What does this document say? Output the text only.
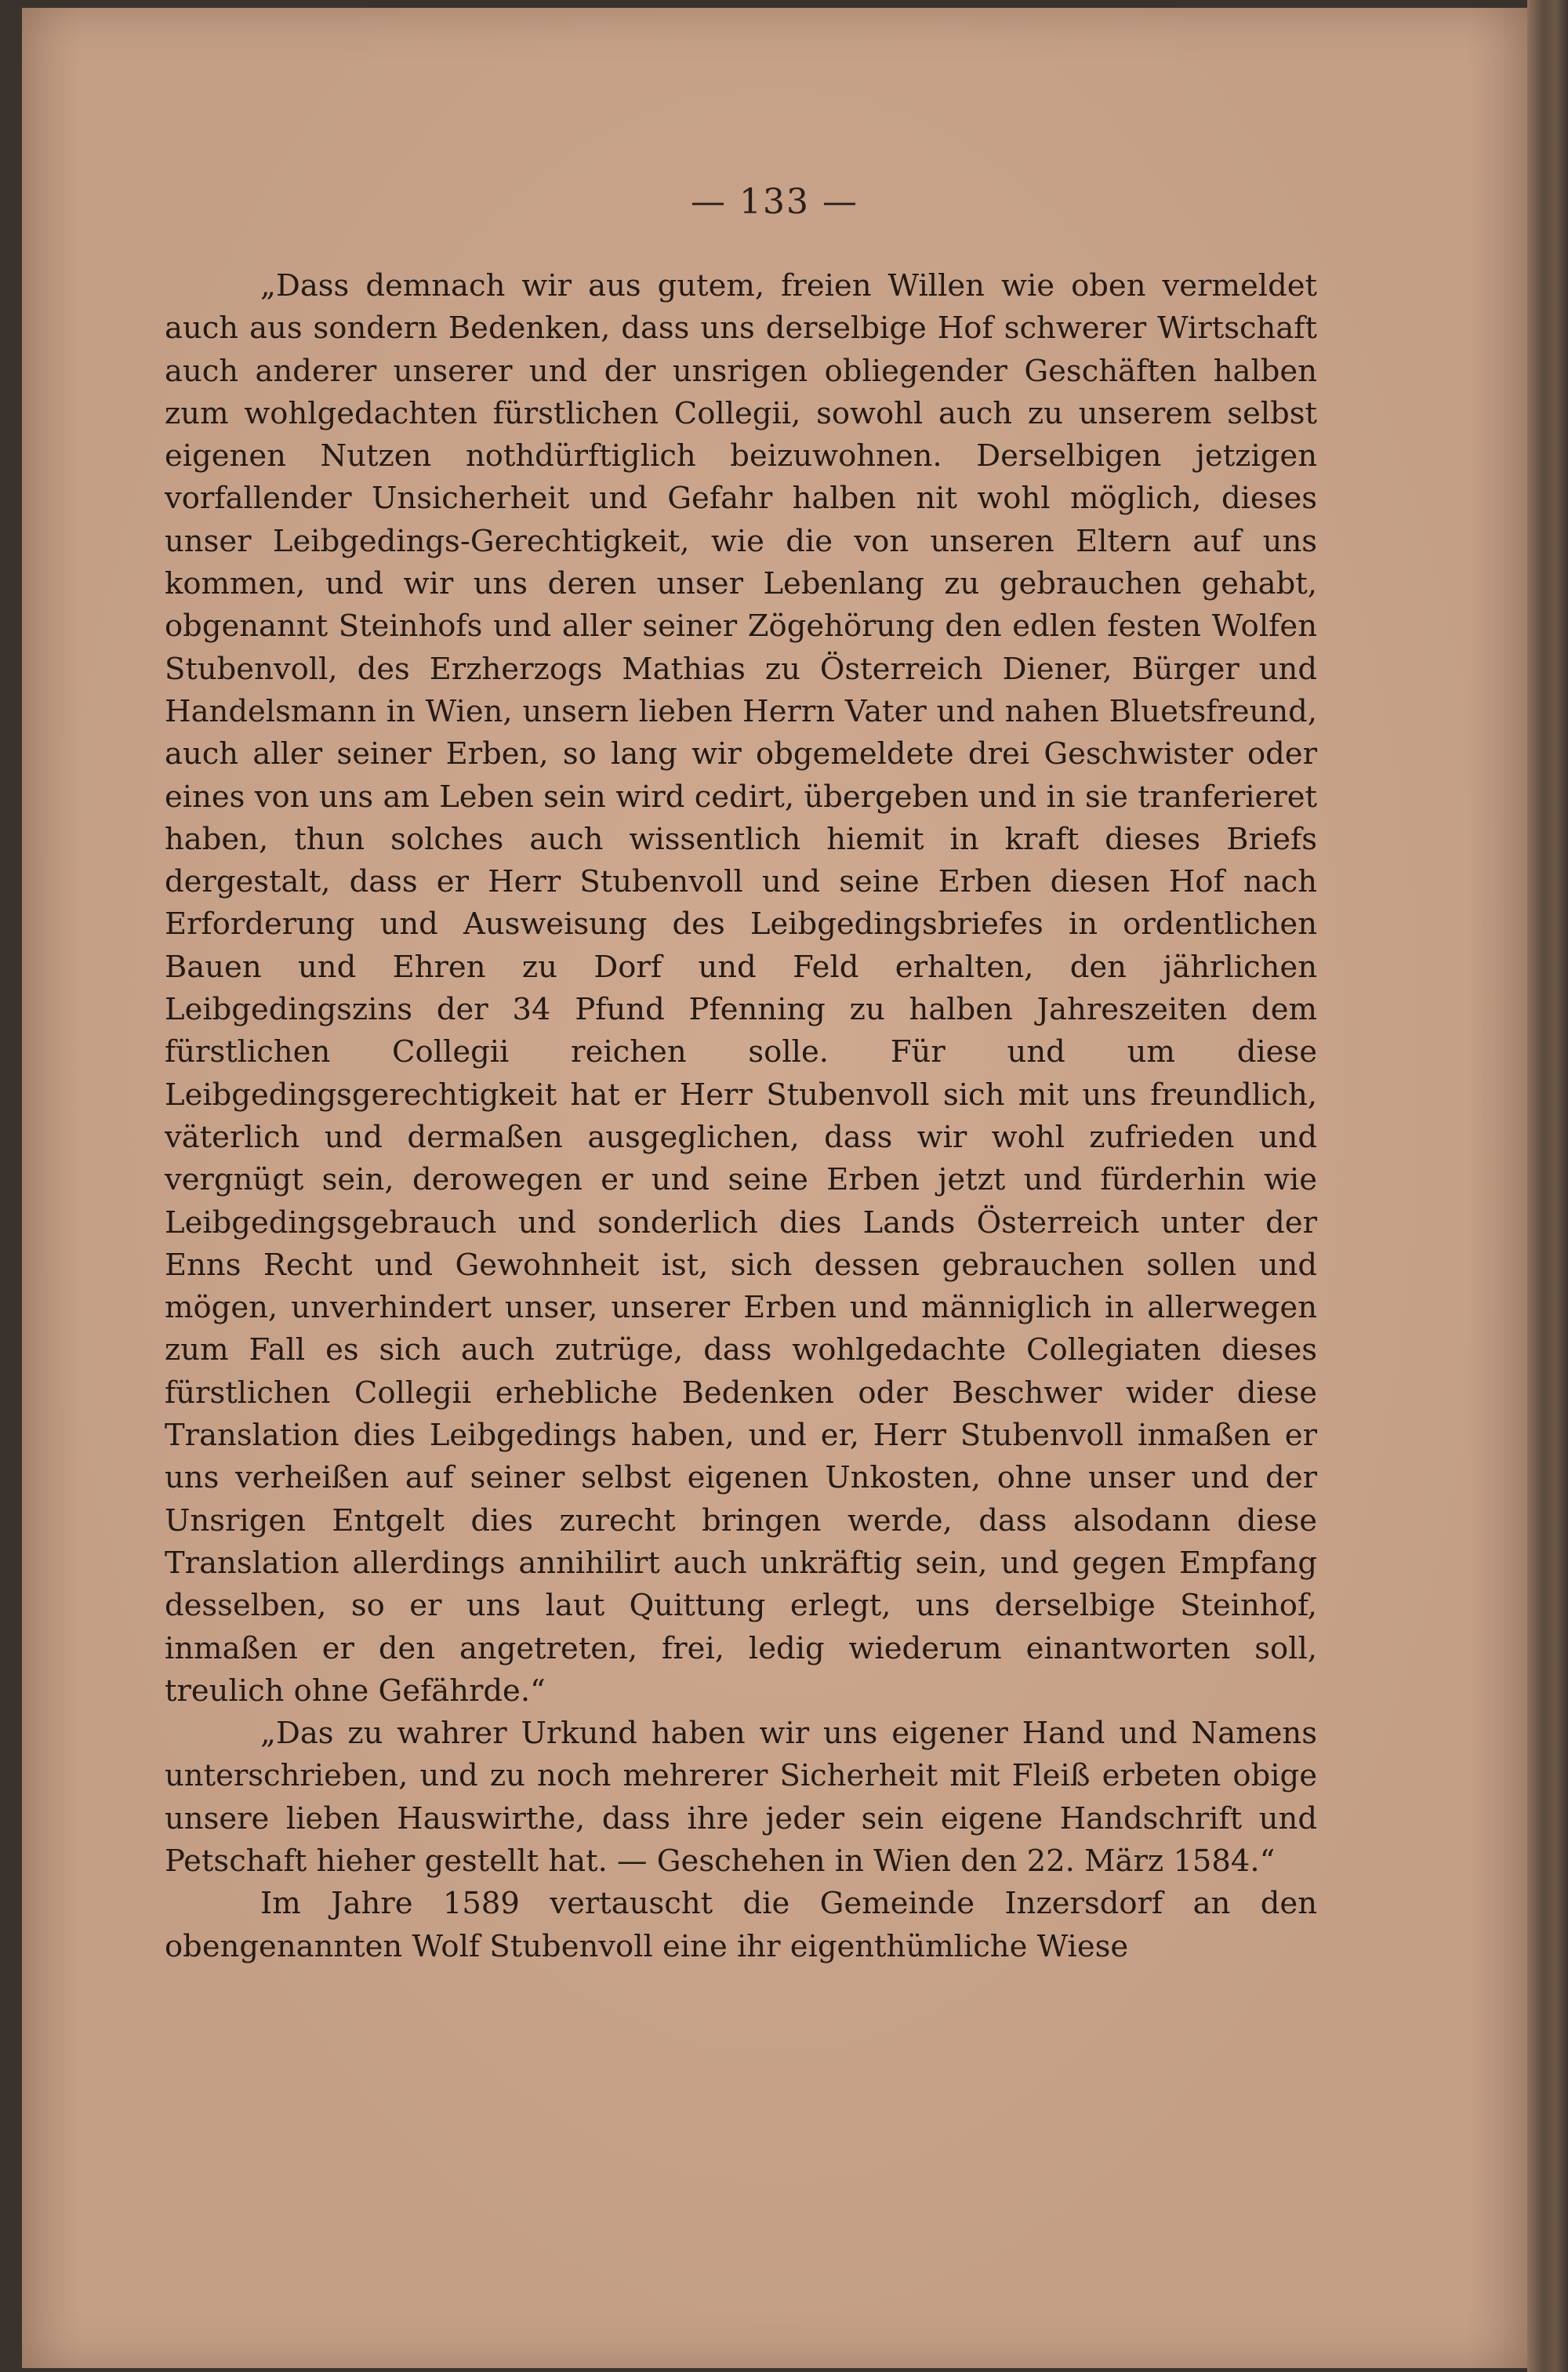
— 133 —

„Dass demnach wir aus gutem, freien Willen wie oben vermeldet auch aus sondern Bedenken, dass uns derselbige Hof schwerer Wirtschaft auch anderer unserer und der unsrigen obliegender Geschäften halben zum wohlgedachten fürstlichen Collegii, sowohl auch zu unserem selbst eigenen Nutzen nothdürftiglich beizuwohnen. Derselbigen jetzigen vorfallender Unsicherheit und Gefahr halben nit wohl möglich, dieses unser Leibgedings-Gerechtigkeit, wie die von unseren Eltern auf uns kommen, und wir uns deren unser Lebenlang zu gebrauchen gehabt, obgenannt Steinhofs und aller seiner Zögehörung den edlen festen Wolfen Stubenvoll, des Erzherzogs Mathias zu Österreich Diener, Bürger und Handelsmann in Wien, unsern lieben Herrn Vater und nahen Bluetsfreund, auch aller seiner Erben, so lang wir obgemeldete drei Geschwister oder eines von uns am Leben sein wird cedirt, übergeben und in sie tranferieret haben, thun solches auch wissentlich hiemit in kraft dieses Briefs dergestalt, dass er Herr Stubenvoll und seine Erben diesen Hof nach Erforderung und Ausweisung des Leibgedingsbriefes in ordentlichen Bauen und Ehren zu Dorf und Feld erhalten, den jährlichen Leibgedingszins der 34 Pfund Pfenning zu halben Jahreszeiten dem fürstlichen Collegii reichen solle. Für und um diese Leibgedingsgerechtigkeit hat er Herr Stubenvoll sich mit uns freundlich, väterlich und dermaßen ausgeglichen, dass wir wohl zufrieden und vergnügt sein, derowegen er und seine Erben jetzt und fürderhin wie Leibgedingsgebrauch und sonderlich dies Lands Österreich unter der Enns Recht und Gewohnheit ist, sich dessen gebrauchen sollen und mögen, unverhindert unser, unserer Erben und männiglich in allerwegen zum Fall es sich auch zutrüge, dass wohlgedachte Collegiaten dieses fürstlichen Collegii erhebliche Bedenken oder Beschwer wider diese Translation dies Leibgedings haben, und er, Herr Stubenvoll inmaßen er uns verheißen auf seiner selbst eigenen Unkosten, ohne unser und der Unsrigen Entgelt dies zurecht bringen werde, dass alsodann diese Translation allerdings annihilirt auch unkräftig sein, und gegen Empfang desselben, so er uns laut Quittung erlegt, uns derselbige Steinhof, inmaßen er den angetreten, frei, ledig wiederum einantworten soll, treulich ohne Gefährde.“

„Das zu wahrer Urkund haben wir uns eigener Hand und Namens unterschrieben, und zu noch mehrerer Sicherheit mit Fleiß erbeten obige unsere lieben Hauswirthe, dass ihre jeder sein eigene Handschrift und Petschaft hieher gestellt hat. — Geschehen in Wien den 22. März 1584.“

Im Jahre 1589 vertauscht die Gemeinde Inzersdorf an den obengenannten Wolf Stubenvoll eine ihr eigenthümliche Wiese
